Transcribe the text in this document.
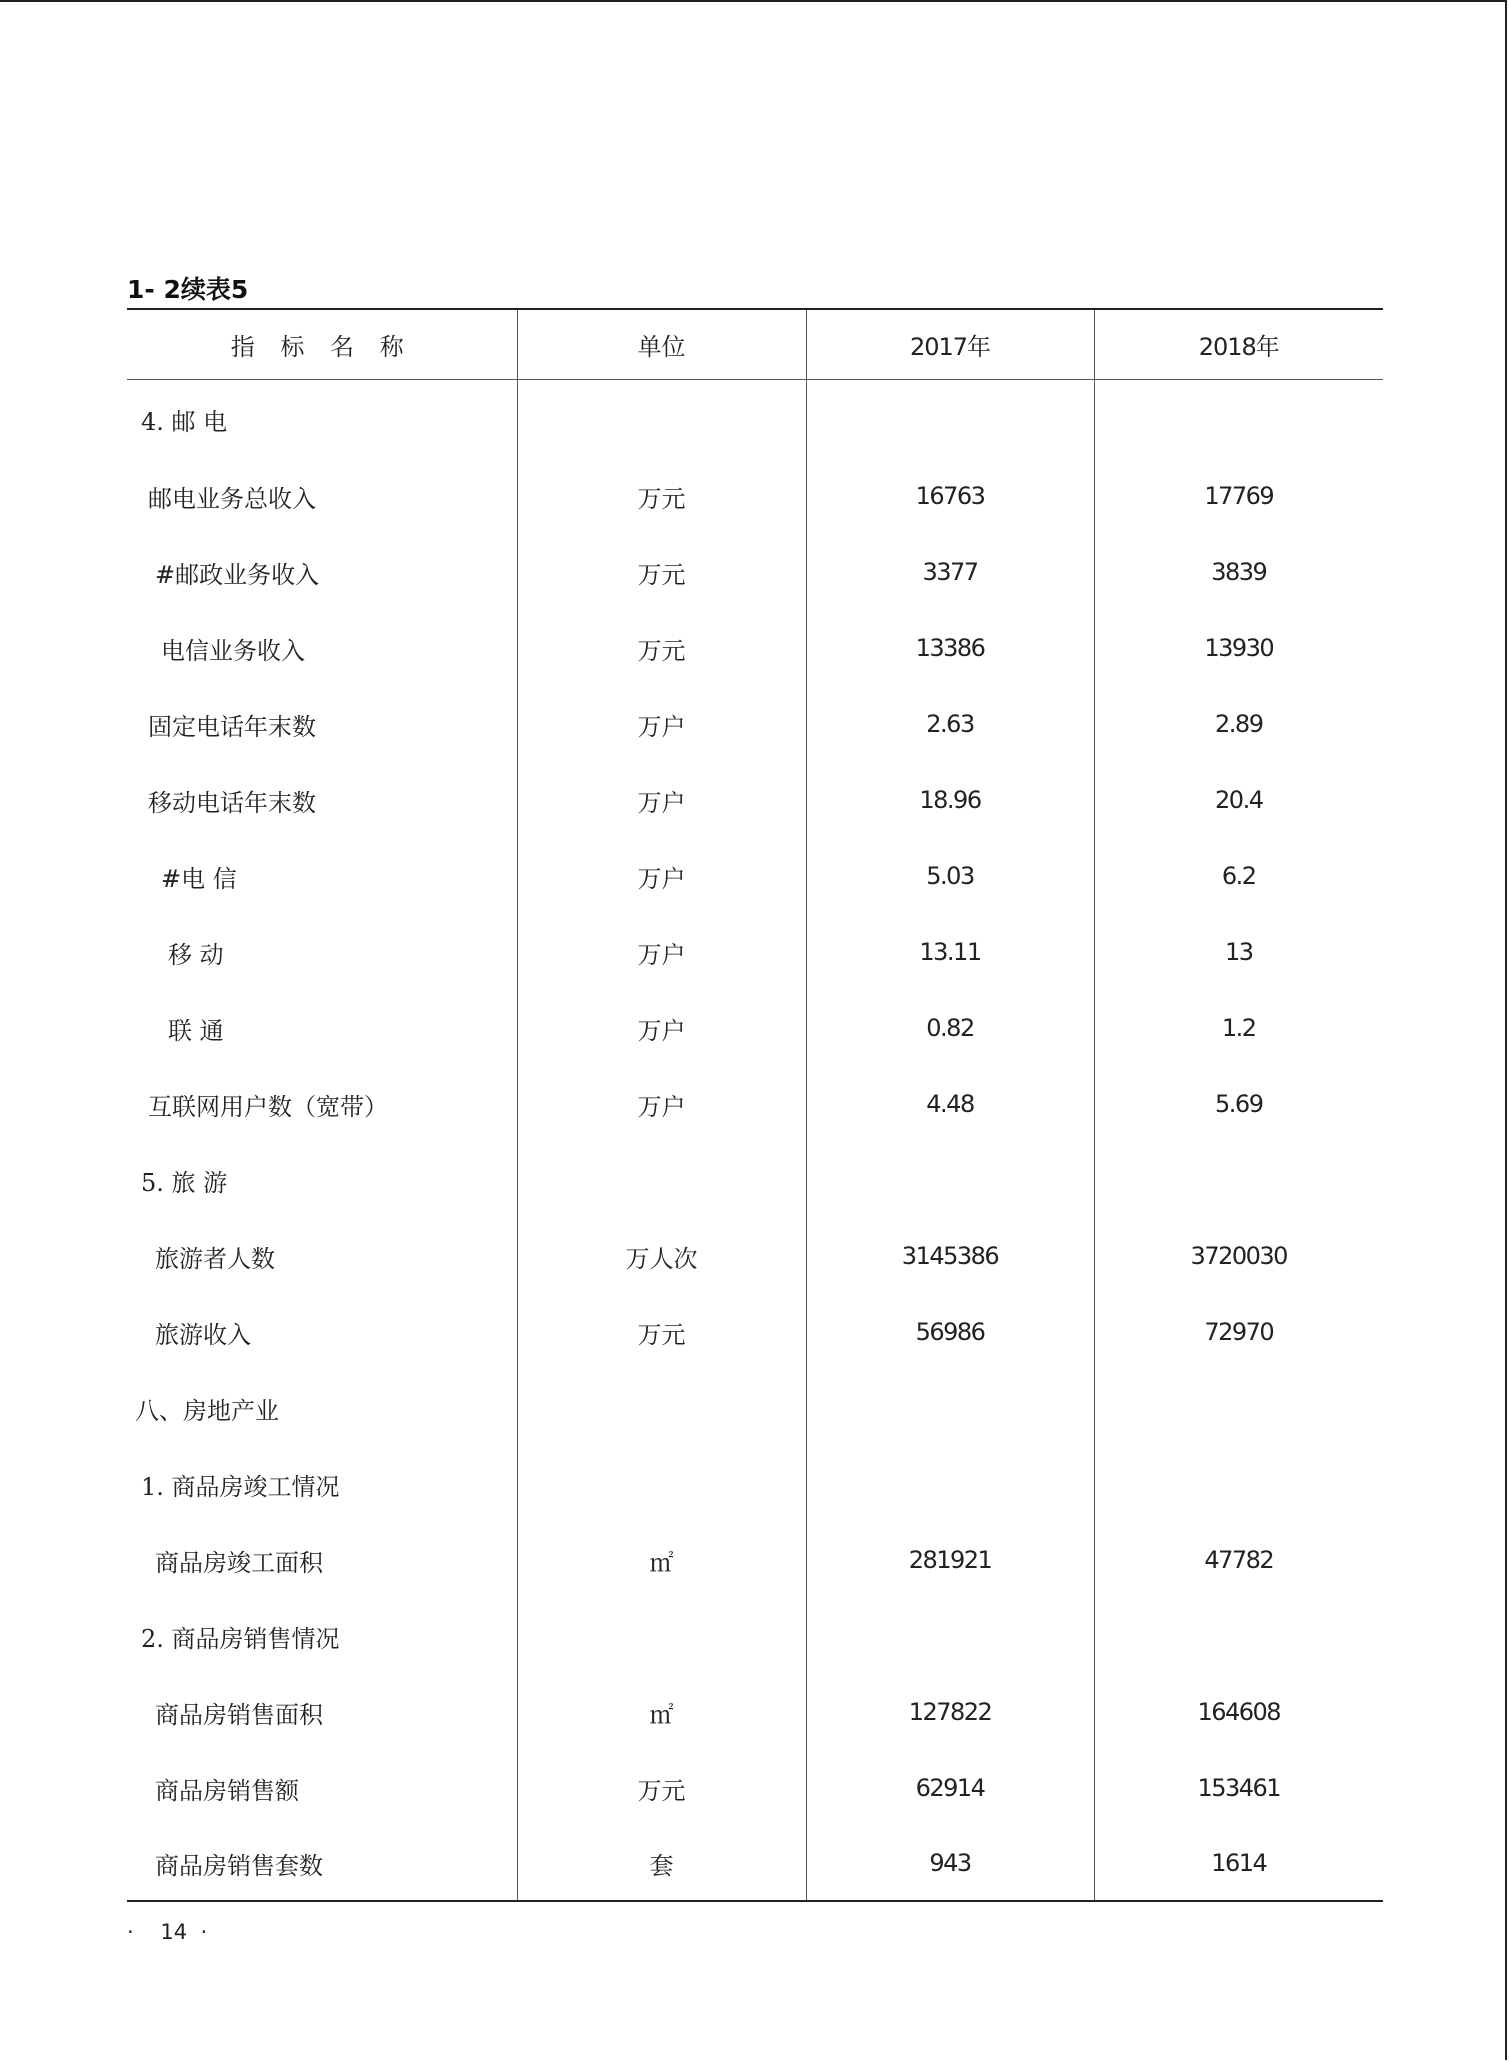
1- 2续表5
指 标 名 称	单位	2017年	2018年
4. 邮 电			
邮电业务总收入	万元	16763	17769
#邮政业务收入	万元	3377	3839
电信业务收入	万元	13386	13930
固定电话年末数	万户	2.63	2.89
移动电话年末数	万户	18.96	20.4
#电 信	万户	5.03	6.2
移 动	万户	13.11	13
联 通	万户	0.82	1.2
互联网用户数（宽带）	万户	4.48	5.69
5. 旅 游			
旅游者人数	万人次	3145386	3720030
旅游收入	万元	56986	72970
八、房地产业			
1. 商品房竣工情况			
商品房竣工面积	㎡	281921	47782
2. 商品房销售情况			
商品房销售面积	㎡	127822	164608
商品房销售额	万元	62914	153461
商品房销售套数	套	943	1614
·    14  ·
